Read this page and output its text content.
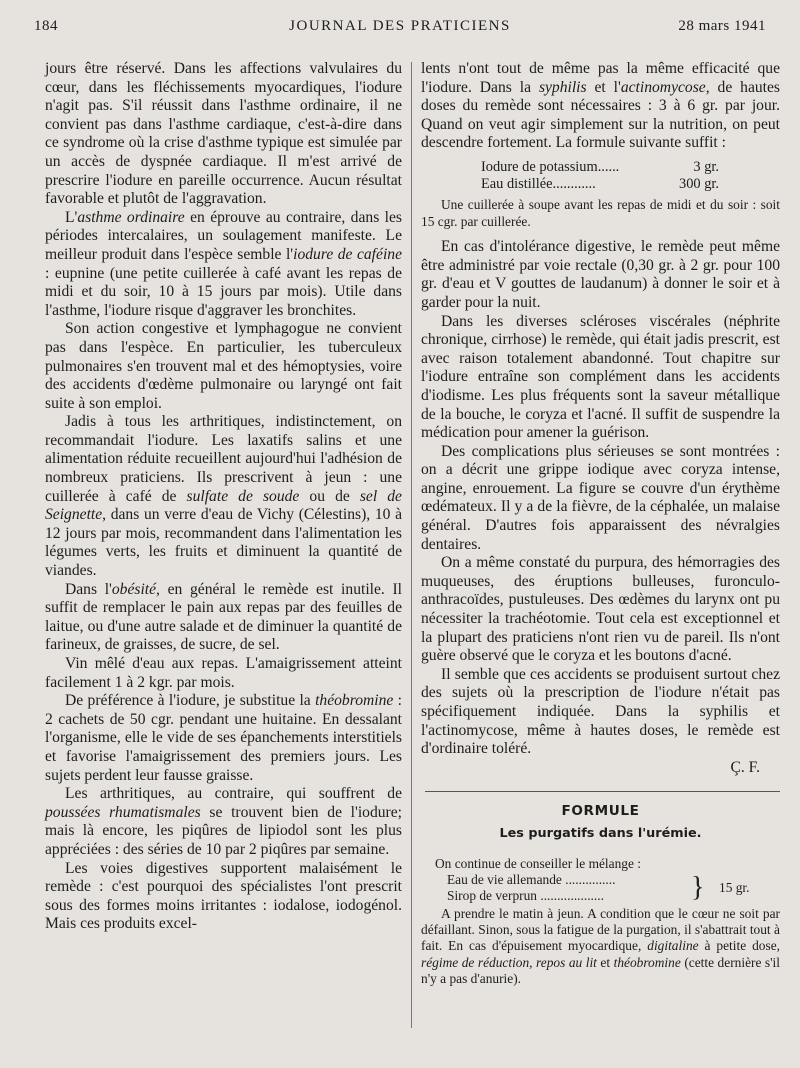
184	JOURNAL DES PRATICIENS	28 mars 1941

jours être réservé. Dans les affections valvulaires du cœur, dans les fléchissements myocardiques, l'iodure n'agit pas. S'il réussit dans l'asthme ordinaire, il ne convient pas dans l'asthme cardiaque, c'est-à-dire dans ce syndrome où la crise d'asthme typique est simulée par un accès de dyspnée cardiaque. Il m'est arrivé de prescrire l'iodure en pareille occurrence. Aucun résultat favorable et plutôt de l'aggravation.

L'asthme ordinaire en éprouve au contraire, dans les périodes intercalaires, un soulagement manifeste. Le meilleur produit dans l'espèce semble l'iodure de caféine : eupnine (une petite cuillerée à café avant les repas de midi et du soir, 10 à 15 jours par mois). Utile dans l'asthme, l'iodure risque d'aggraver les bronchites.

Son action congestive et lymphagogue ne convient pas dans l'espèce. En particulier, les tuberculeux pulmonaires s'en trouvent mal et des hémoptysies, voire des accidents d'œdème pulmonaire ou laryngé ont fait suite à son emploi.

Jadis à tous les arthritiques, indistinctement, on recommandait l'iodure. Les laxatifs salins et une alimentation réduite recueillent aujourd'hui l'adhésion de nombreux praticiens. Ils prescrivent à jeun : une cuillerée à café de sulfate de soude ou de sel de Seignette, dans un verre d'eau de Vichy (Célestins), 10 à 12 jours par mois, recommandent dans l'alimentation les légumes verts, les fruits et diminuent la quantité de viandes.

Dans l'obésité, en général le remède est inutile. Il suffit de remplacer le pain aux repas par des feuilles de laitue, ou d'une autre salade et de diminuer la quantité de farineux, de graisses, de sucre, de sel.

Vin mêlé d'eau aux repas. L'amaigrissement atteint facilement 1 à 2 kgr. par mois.

De préférence à l'iodure, je substitue la théobromine : 2 cachets de 50 cgr. pendant une huitaine. En dessalant l'organisme, elle le vide de ses épanchements interstitiels et favorise l'amaigrissement des premiers jours. Les sujets perdent leur fausse graisse.

Les arthritiques, au contraire, qui souffrent de poussées rhumatismales se trouvent bien de l'iodure; mais là encore, les piqûres de lipiodol sont les plus appréciées : des séries de 10 par 2 piqûres par semaine.

Les voies digestives supportent malaisément le remède : c'est pourquoi des spécialistes l'ont prescrit sous des formes moins irritantes : iodalose, iodogénol. Mais ces produits excel-

lents n'ont tout de même pas la même efficacité que l'iodure. Dans la syphilis et l'actinomycose, de hautes doses du remède sont nécessaires : 3 à 6 gr. par jour. Quand on veut agir simplement sur la nutrition, on peut descendre fortement. La formule suivante suffit :

Iodure de potassium......	3 gr.
Eau distillée............	300 gr.

Une cuillerée à soupe avant les repas de midi et du soir : soit 15 cgr. par cuillerée.

En cas d'intolérance digestive, le remède peut même être administré par voie rectale (0,30 gr. à 2 gr. pour 100 gr. d'eau et V gouttes de laudanum) à donner le soir et à garder pour la nuit.

Dans les diverses scléroses viscérales (néphrite chronique, cirrhose) le remède, qui était jadis prescrit, est avec raison totalement abandonné. Tout chapitre sur l'iodure entraîne son complément dans les accidents d'iodisme. Les plus fréquents sont la saveur métallique de la bouche, le coryza et l'acné. Il suffit de suspendre la médication pour amener la guérison.

Des complications plus sérieuses se sont montrées : on a décrit une grippe iodique avec coryza intense, angine, enrouement. La figure se couvre d'un érythème œdémateux. Il y a de la fièvre, de la céphalée, un malaise général. D'autres fois apparaissent des névralgies dentaires.

On a même constaté du purpura, des hémorragies des muqueuses, des éruptions bulleuses, furonculo-anthracoïdes, pustuleuses. Des œdèmes du larynx ont pu nécessiter la trachéotomie. Tout cela est exceptionnel et la plupart des praticiens n'ont rien vu de pareil. Ils n'ont guère observé que le coryza et les boutons d'acné.

Il semble que ces accidents se produisent surtout chez des sujets où la prescription de l'iodure n'était pas spécifiquement indiquée. Dans la syphilis et l'actinomycose, même à hautes doses, le remède est d'ordinaire toléré.

Ç. F.

FORMULE
Les purgatifs dans l'urémie.
On continue de conseiller le mélange :
Eau de vie allemande ...............
Sirop de verprun ...................	} 15 gr.

A prendre le matin à jeun. A condition que le cœur ne soit par défaillant. Sinon, sous la fatigue de la purgation, il s'abattrait tout à fait. En cas d'épuisement myocardique, digitaline à petite dose, régime de réduction, repos au lit et théobromine (cette dernière s'il n'y a pas d'anurie).
